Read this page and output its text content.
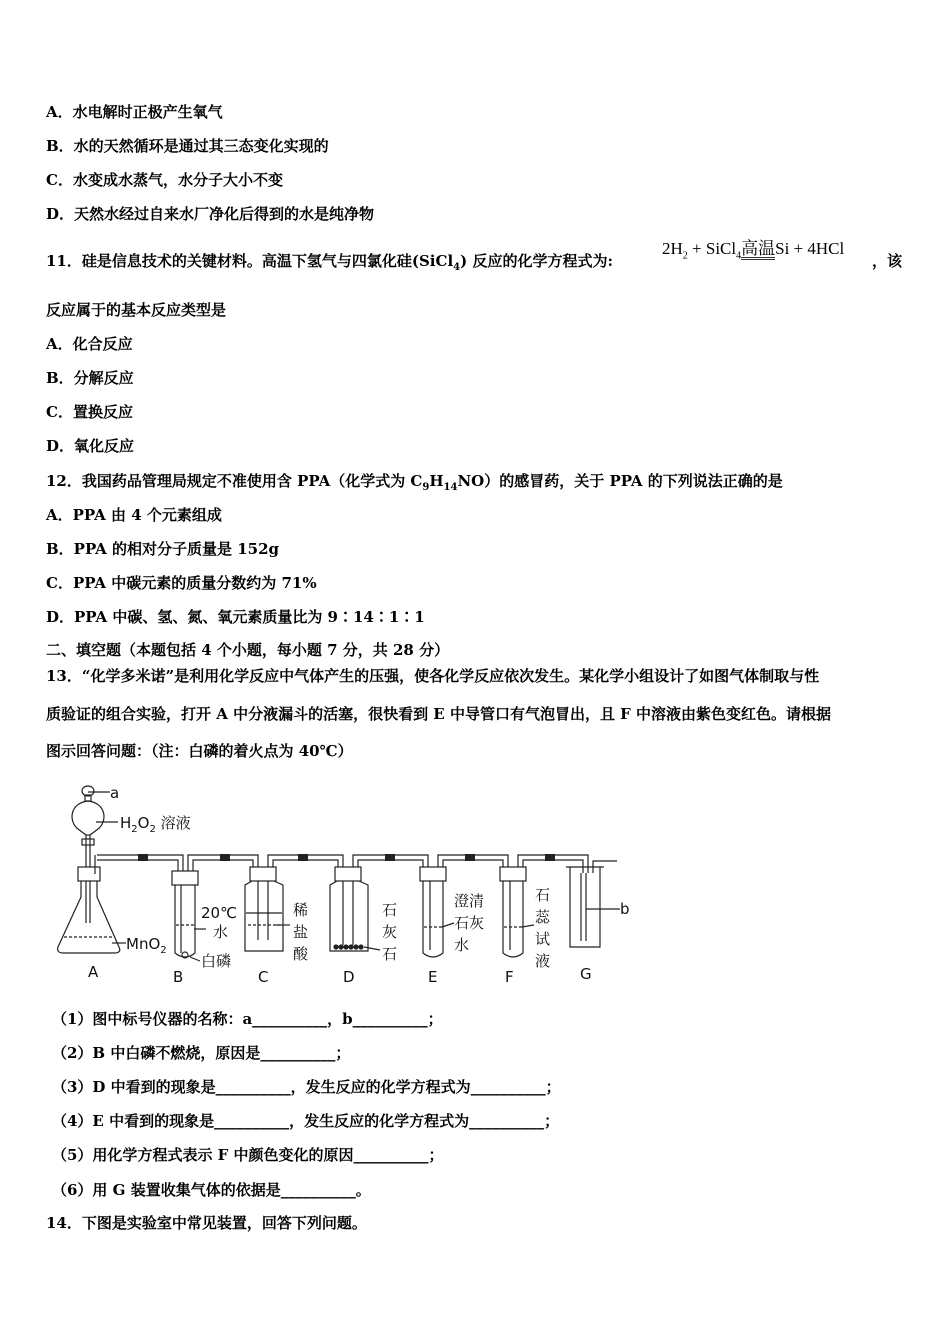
A．水电解时正极产生氧气
B．水的天然循环是通过其三态变化实现的
C．水变成水蒸气，水分子大小不变
D．天然水经过自来水厂净化后得到的水是纯净物
11．硅是信息技术的关键材料。高温下氢气与四氯化硅(SiCl$_4$) 反应的化学方程式为:
$2H_2$ + SiCl$_4$高温Si + 4HCl
，该
反应属于的基本反应类型是
A．化合反应
B．分解反应
C．置换反应
D．氧化反应
12．我国药品管理局规定不准使用含 PPA（化学式为 $C_9H_{14}NO$）的感冒药，关于 PPA 的下列说法正确的是
A．PPA 由 4 个元素组成
B．PPA 的相对分子质量是 152g
C．PPA 中碳元素的质量分数约为 71%
D．PPA 中碳、氢、氮、氧元素质量比为 9∶14∶1∶1
二、填空题（本题包括 4 个小题，每小题 7 分，共 28 分）
13．“化学多米诺”是利用化学反应中气体产生的压强，使各化学反应依次发生。某化学小组设计了如图气体制取与性
质验证的组合实验，打开 A 中分液漏斗的活塞，很快看到 E 中导管口有气泡冒出，且 F 中溶液由紫色变红色。请根据
图示回答问题：（注：白磷的着火点为 40℃）
a
$H_2O_2$ 溶液
MnO$_2$
20℃
水
白磷
稀
盐
酸
石
灰
石
澄清
石灰
水
石
蕊
试
液
b
A	B	C	D	E	F	G
（1）图中标号仪器的名称：a__________，b__________；
（2）B 中白磷不燃烧，原因是__________；
（3）D 中看到的现象是__________，发生反应的化学方程式为__________；
（4）E 中看到的现象是__________，发生反应的化学方程式为__________；
（5）用化学方程式表示 F 中颜色变化的原因__________；
（6）用 G 装置收集气体的依据是__________。
14．下图是实验室中常见装置，回答下列问题。
